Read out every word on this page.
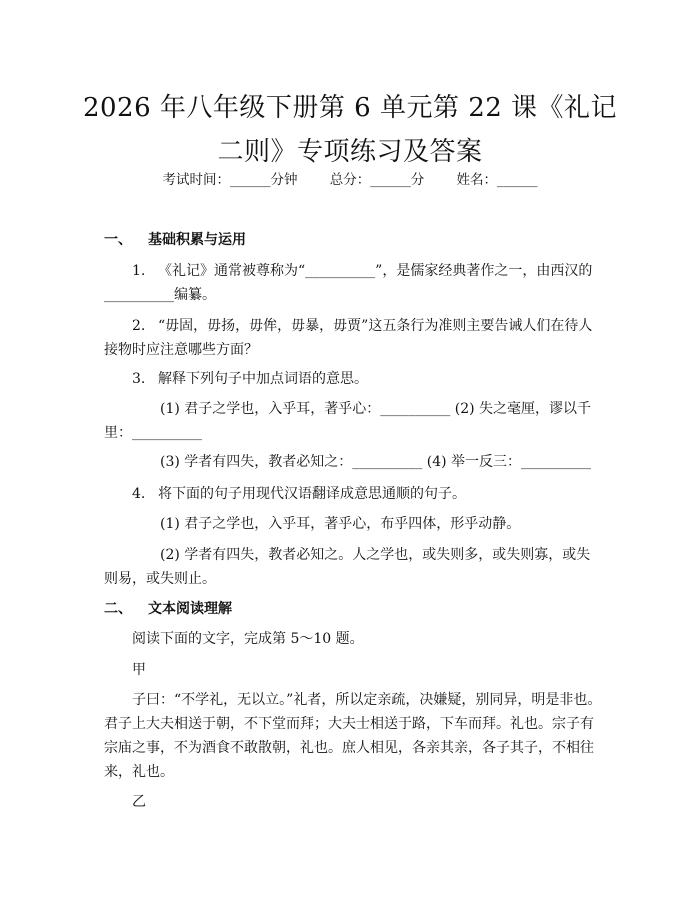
2026 年八年级下册第 6 单元第 22 课《礼记
二则》专项练习及答案
考试时间：______分钟 总分：______分 姓名：______
一、 基础积累与运用
1. 《礼记》通常被尊称为“__________”，是儒家经典著作之一，由西汉的__________编纂。
2. “毋固，毋扬，毋侔，毋暴，毋贾”这五条行为准则主要告诫人们在待人接物时应注意哪些方面？
3. 解释下列句子中加点词语的意思。
(1) 君子之学也，入乎耳，著乎心：__________ (2) 失之毫厘，谬以千里：__________
(3) 学者有四失，教者必知之：__________ (4) 举一反三：__________
4. 将下面的句子用现代汉语翻译成意思通顺的句子。
(1) 君子之学也，入乎耳，著乎心，布乎四体，形乎动静。
(2) 学者有四失，教者必知之。人之学也，或失则多，或失则寡，或失则易，或失则止。
二、 文本阅读理解
阅读下面的文字，完成第 5～10 题。
甲
子曰：“不学礼，无以立。”礼者，所以定亲疏，决嫌疑，别同异，明是非也。君子上大夫相送于朝，不下堂而拜；大夫士相送于路，下车而拜。礼也。宗子有宗庙之事，不为酒食不敢散朝，礼也。庶人相见，各亲其亲，各子其子，不相往来，礼也。
乙
